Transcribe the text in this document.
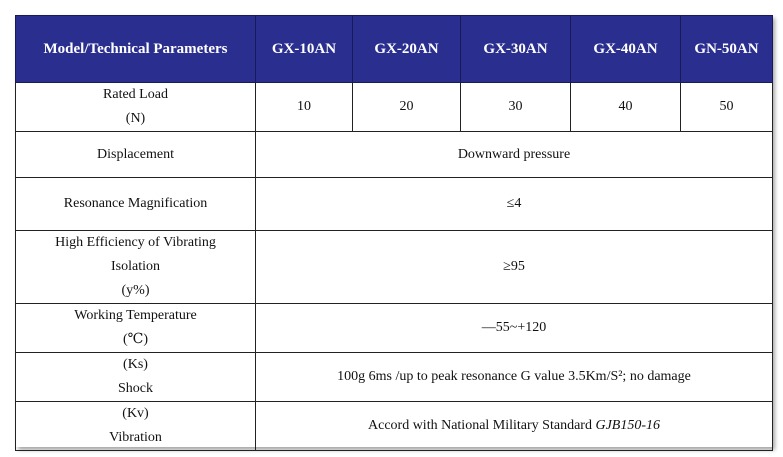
Model/Technical Parameters	GX-10AN	GX-20AN	GX-30AN	GX-40AN	GN-50AN

Rated Load
(N)	10	20	30	40	50
Displacement	Downward pressure				
Resonance Magnification	≤4				

High Efficiency of Vibrating
Isolation
(y%)	≥95				

Working Temperature
(℃)	—55~+120				

(Ks)
Shock	100g 6ms /up to peak resonance G value 3.5Km/S²; no damage				

(Kv)
Vibration	Accord with National Military Standard GJB150-16				
